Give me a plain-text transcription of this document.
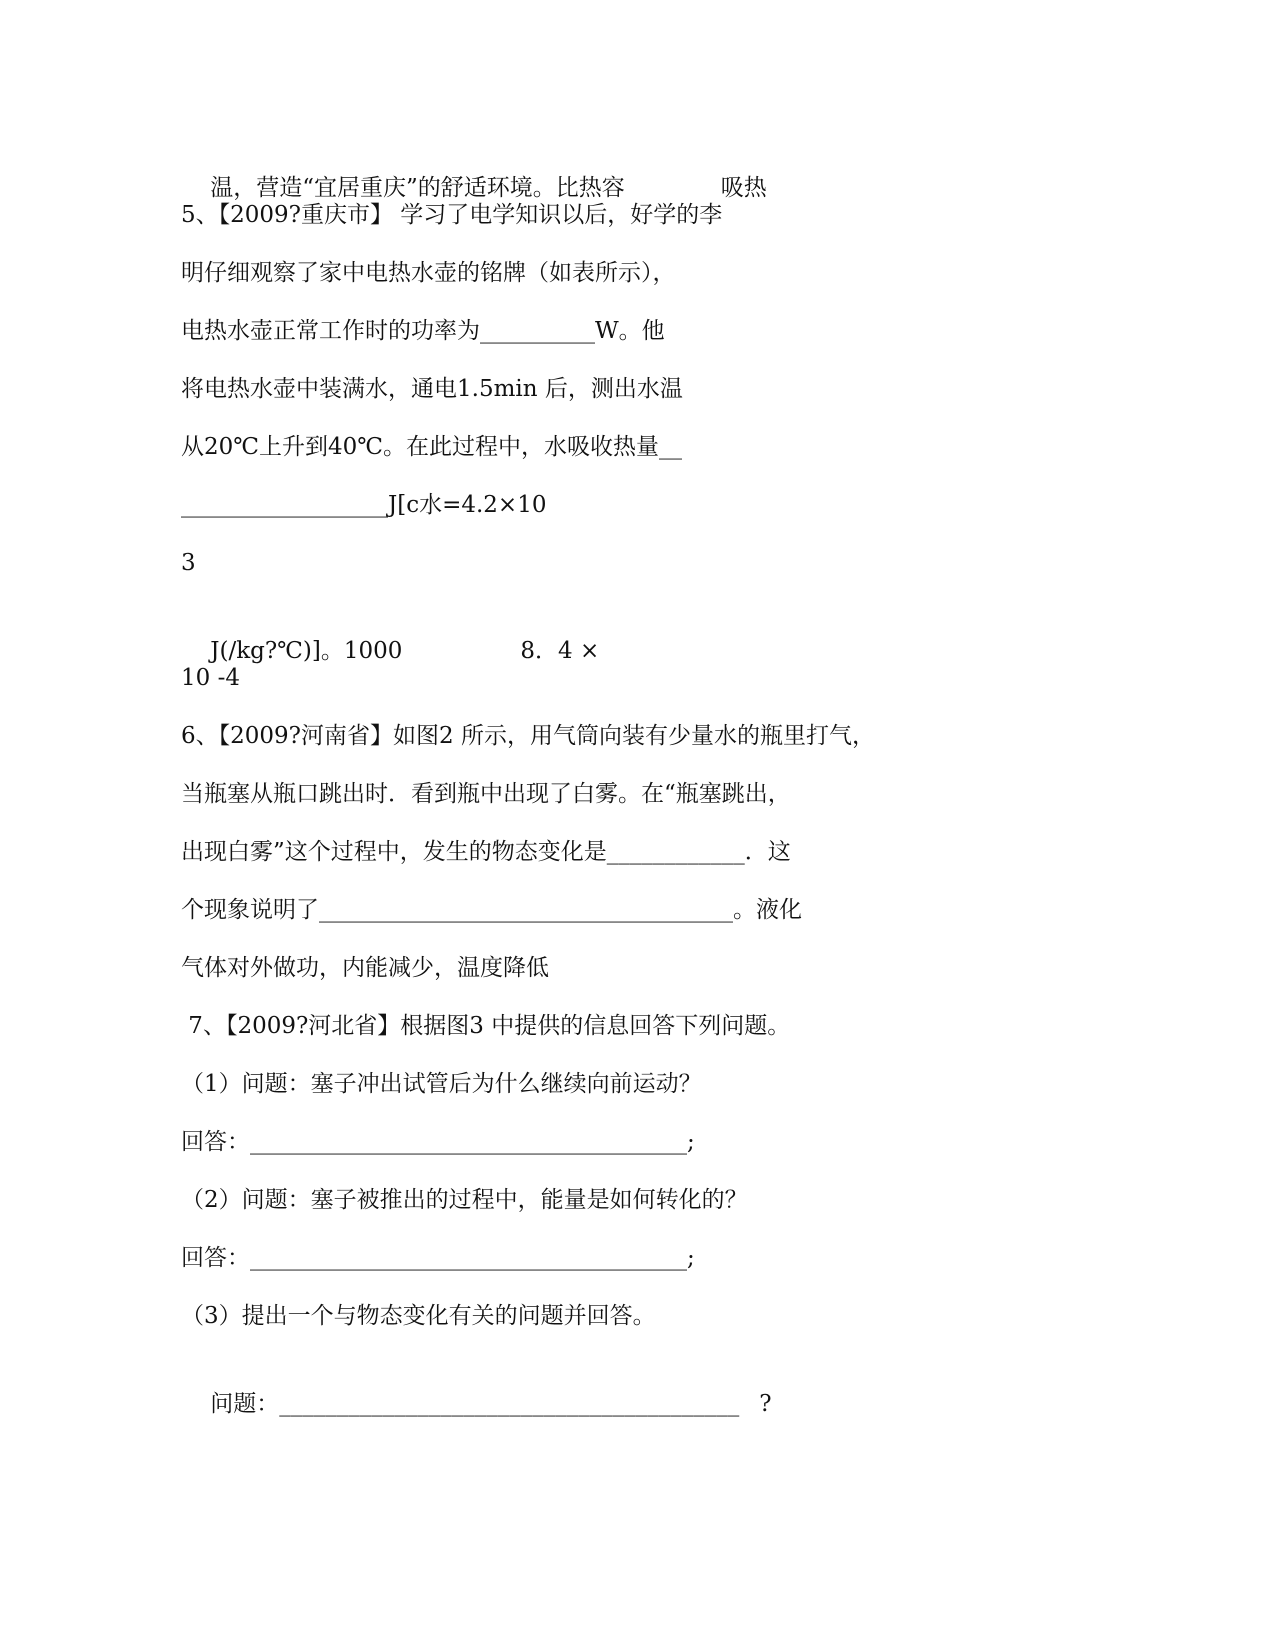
温，营造“宜居重庆”的舒适环境。比热容	吸热

5、【2009?重庆市】 学习了电学知识以后，好学的李
明仔细观察了家中电热水壶的铭牌（如表所示），
电热水壶正常工作时的功率为__________W。他
将电热水壶中装满水，通电1.5min 后，测出水温
从20℃上升到40℃。在此过程中，水吸收热量__
__________________J[c水=4.2×10
3

J(/kg?℃)]。1000	8．4 ×

10 -4
6、【2009?河南省】如图2 所示，用气筒向装有少量水的瓶里打气，
当瓶塞从瓶口跳出时．看到瓶中出现了白雾。在“瓶塞跳出，
出现白雾”这个过程中，发生的物态变化是____________．这
个现象说明了____________________________________。液化
气体对外做功，内能减少，温度降低
7、【2009?河北省】根据图3 中提供的信息回答下列问题。
（1）问题：塞子冲出试管后为什么继续向前运动？
回答：______________________________________;
（2）问题：塞子被推出的过程中，能量是如何转化的？
回答：______________________________________;
（3）提出一个与物态变化有关的问题并回答。

问题：________________________________________ ?
